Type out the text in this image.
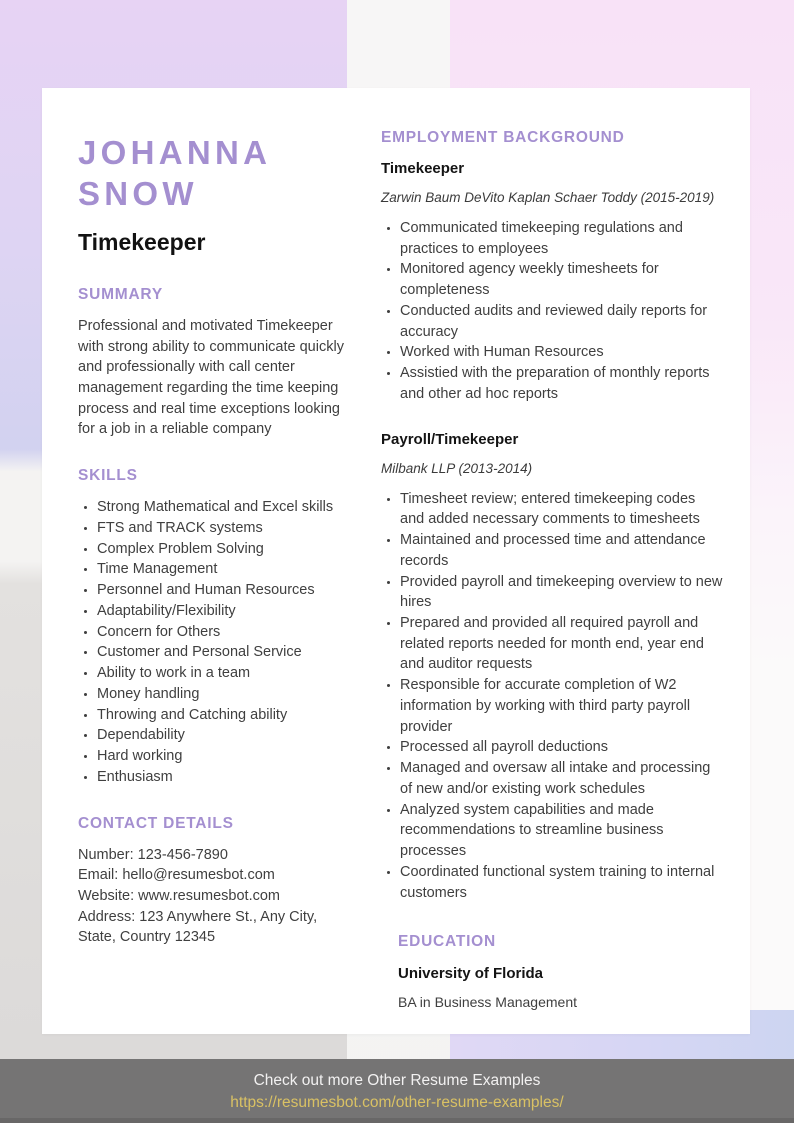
JOHANNA SNOW
Timekeeper
SUMMARY
Professional and motivated Timekeeper with strong ability to communicate quickly and professionally with call center management regarding the time keeping process and real time exceptions looking for a job in a reliable company
SKILLS
• Strong Mathematical and Excel skills
• FTS and TRACK systems
• Complex Problem Solving
• Time Management
• Personnel and Human Resources
• Adaptability/Flexibility
• Concern for Others
• Customer and Personal Service
• Ability to work in a team
• Money handling
• Throwing and Catching ability
• Dependability
• Hard working
• Enthusiasm
CONTACT DETAILS
Number: 123-456-7890
Email: hello@resumesbot.com
Website: www.resumesbot.com
Address: 123 Anywhere St., Any City, State, Country 12345
EMPLOYMENT BACKGROUND
Timekeeper
Zarwin Baum DeVito Kaplan Schaer Toddy (2015-2019)
• Communicated timekeeping regulations and practices to employees
• Monitored agency weekly timesheets for completeness
• Conducted audits and reviewed daily reports for accuracy
• Worked with Human Resources
• Assistied with the preparation of monthly reports and other ad hoc reports
Payroll/Timekeeper
Milbank LLP (2013-2014)
• Timesheet review; entered timekeeping codes and added necessary comments to timesheets
• Maintained and processed time and attendance records
• Provided payroll and timekeeping overview to new hires
• Prepared and provided all required payroll and related reports needed for month end, year end and auditor requests
• Responsible for accurate completion of W2 information by working with third party payroll provider
• Processed all payroll deductions
• Managed and oversaw all intake and processing of new and/or existing work schedules
• Analyzed system capabilities and made recommendations to streamline business processes
• Coordinated functional system training to internal customers
EDUCATION
University of Florida
BA in Business Management
Check out more Other Resume Examples
https://resumesbot.com/other-resume-examples/
